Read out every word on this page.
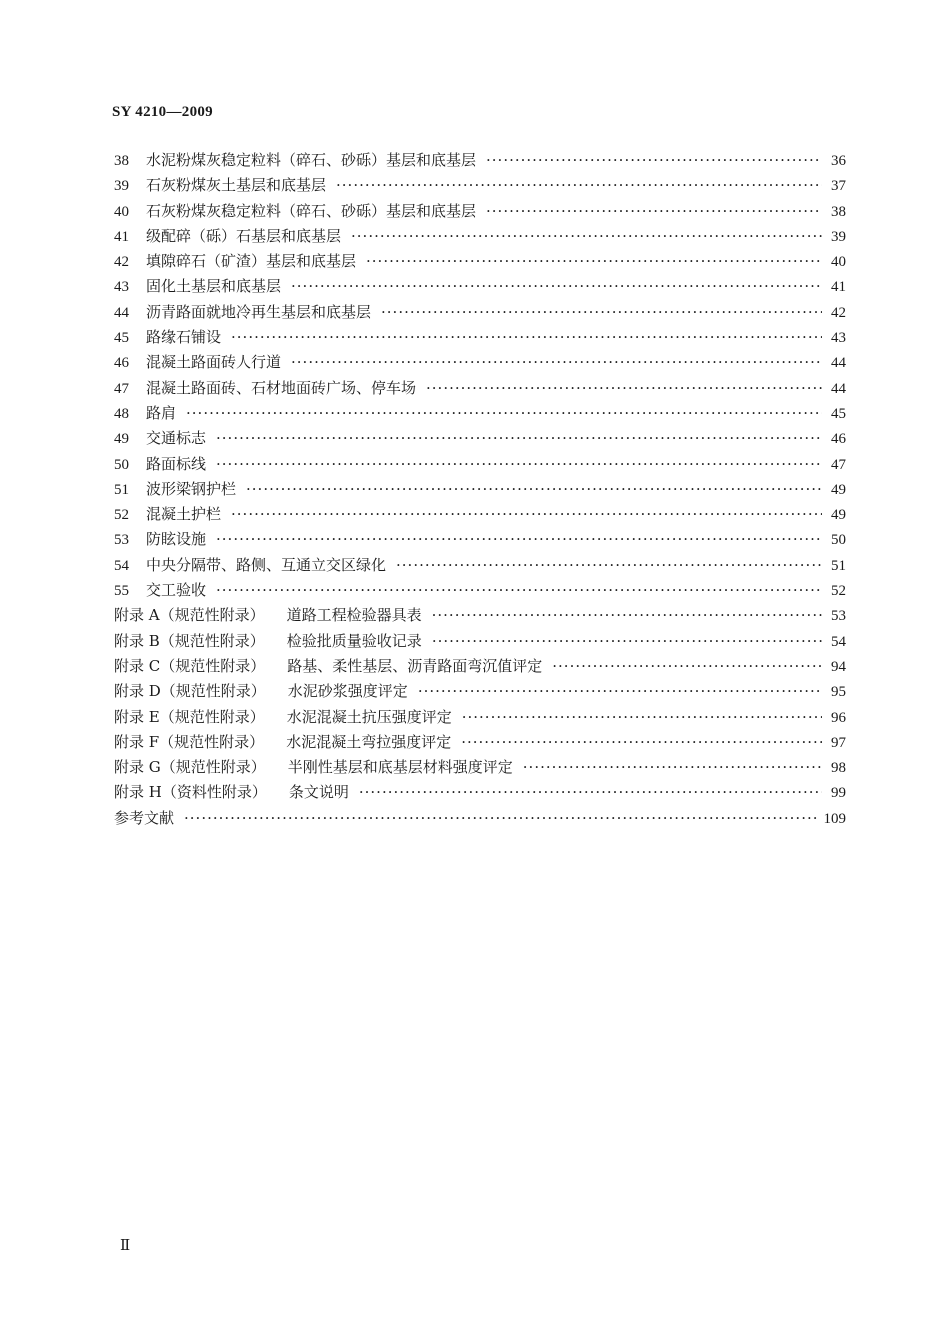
SY 4210—2009
38	水泥粉煤灰稳定粒料（碎石、砂砾）基层和底基层 ·····	36
39	石灰粉煤灰土基层和底基层 ·····	37
40	石灰粉煤灰稳定粒料（碎石、砂砾）基层和底基层 ·····	38
41	级配碎（砾）石基层和底基层 ·····	39
42	填隙碎石（矿渣）基层和底基层 ·····	40
43	固化土基层和底基层 ·····	41
44	沥青路面就地冷再生基层和底基层 ·····	42
45	路缘石铺设 ·····	43
46	混凝土路面砖人行道 ·····	44
47	混凝土路面砖、石材地面砖广场、停车场 ·····	44
48	路肩 ·····	45
49	交通标志 ·····	46
50	路面标线 ·····	47
51	波形梁钢护栏 ·····	49
52	混凝土护栏 ·····	49
53	防眩设施 ·····	50
54	中央分隔带、路侧、互通立交区绿化 ·····	51
55	交工验收 ·····	52
附录 A（规范性附录） 道路工程检验器具表 ·····	53
附录 B（规范性附录） 检验批质量验收记录 ·····	54
附录 C（规范性附录） 路基、柔性基层、沥青路面弯沉值评定 ·····	94
附录 D（规范性附录） 水泥砂浆强度评定 ·····	95
附录 E（规范性附录） 水泥混凝土抗压强度评定 ·····	96
附录 F（规范性附录） 水泥混凝土弯拉强度评定 ·····	97
附录 G（规范性附录） 半刚性基层和底基层材料强度评定 ·····	98
附录 H（资料性附录） 条文说明 ·····	99
参考文献 ·····	109
Ⅱ
